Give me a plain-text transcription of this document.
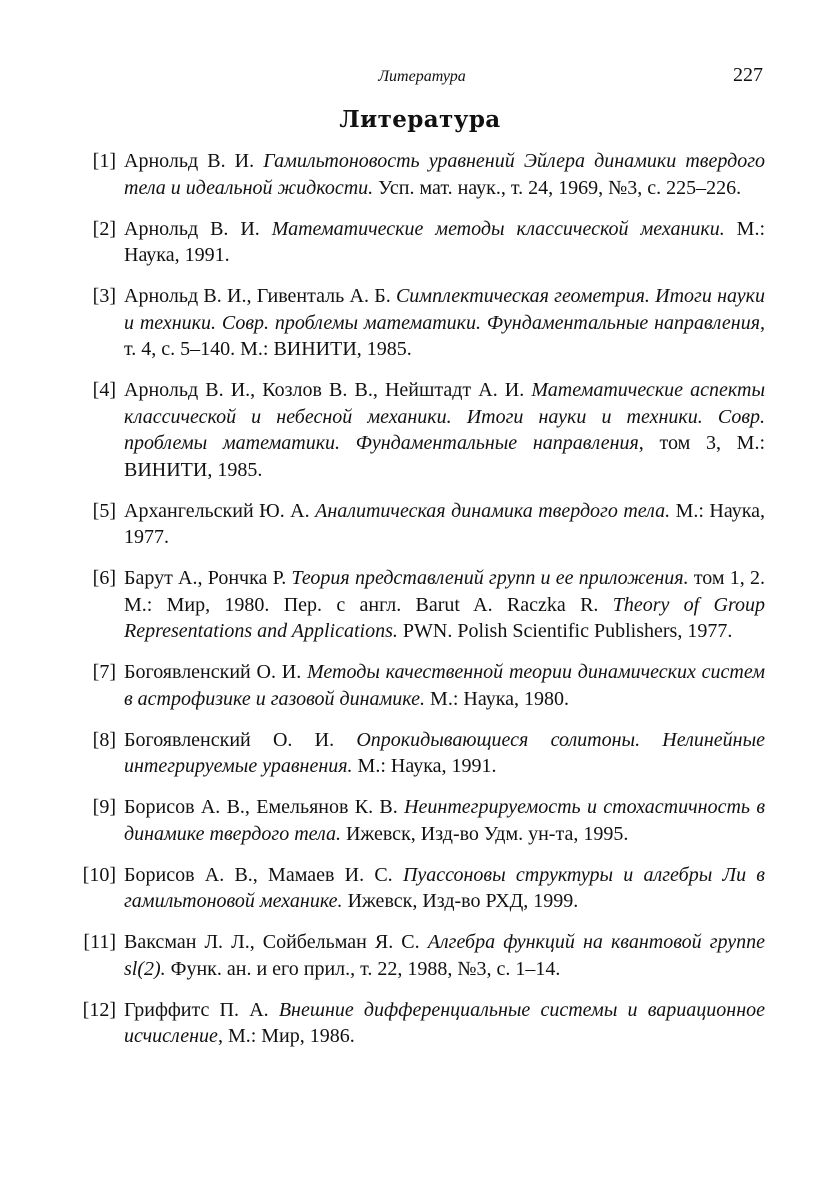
Литература	227
Литература
[1] Арнольд В. И. Гамильтоновость уравнений Эйлера динамики твердого тела и идеальной жидкости. Усп. мат. наук., т. 24, 1969, №3, с. 225–226.
[2] Арнольд В. И. Математические методы классической механики. М.: Наука, 1991.
[3] Арнольд В. И., Гивенталь А. Б. Симплектическая геометрия. Итоги науки и техники. Совр. проблемы математики. Фундаментальные направления, т. 4, с. 5–140. М.: ВИНИТИ, 1985.
[4] Арнольд В. И., Козлов В. В., Нейштадт А. И. Математические аспекты классической и небесной механики. Итоги науки и техники. Совр. проблемы математики. Фундаментальные направления, том 3, М.: ВИНИТИ, 1985.
[5] Архангельский Ю. А. Аналитическая динамика твердого тела. М.: Наука, 1977.
[6] Барут А., Рончка Р. Теория представлений групп и ее приложения. том 1, 2. М.: Мир, 1980. Пер. с англ. Barut A. Raczka R. Theory of Group Representations and Applications. PWN. Polish Scientific Publishers, 1977.
[7] Богоявленский О. И. Методы качественной теории динамических систем в астрофизике и газовой динамике. М.: Наука, 1980.
[8] Богоявленский О. И. Опрокидывающиеся солитоны. Нелинейные интегрируемые уравнения. М.: Наука, 1991.
[9] Борисов А. В., Емельянов К. В. Неинтегрируемость и стохастичность в динамике твердого тела. Ижевск, Изд-во Удм. ун-та, 1995.
[10] Борисов А. В., Мамаев И. С. Пуассоновы структуры и алгебры Ли в гамильтоновой механике. Ижевск, Изд-во РХД, 1999.
[11] Ваксман Л. Л., Сойбельман Я. С. Алгебра функций на квантовой группе sl(2). Функ. ан. и его прил., т. 22, 1988, №3, с. 1–14.
[12] Гриффитс П. А. Внешние дифференциальные системы и вариационное исчисление, М.: Мир, 1986.
